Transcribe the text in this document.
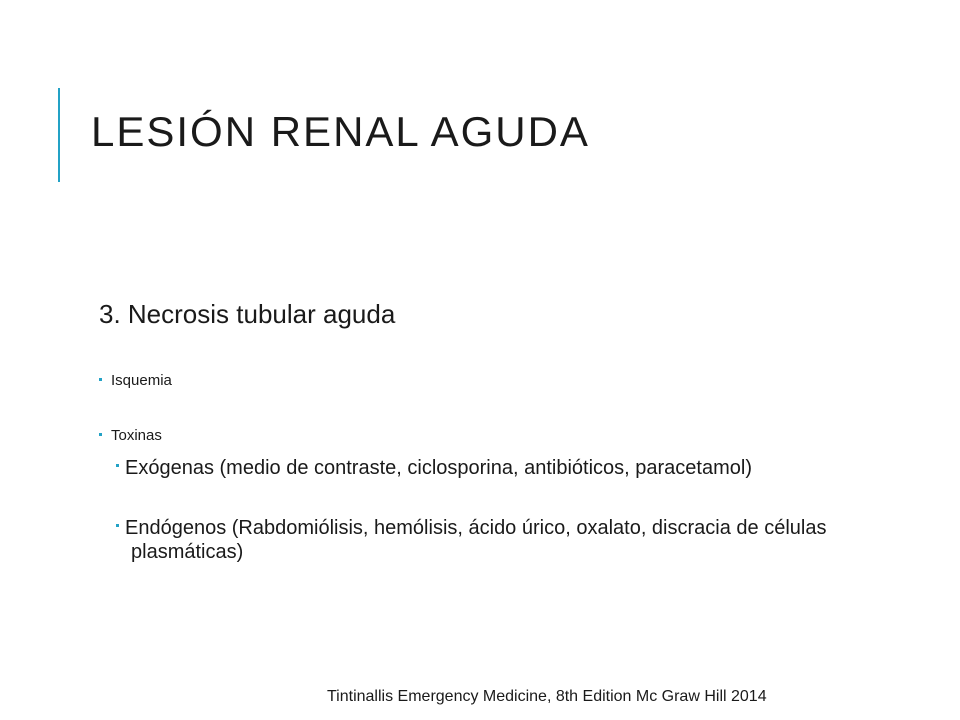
LESIÓN RENAL AGUDA
3. Necrosis tubular aguda
Isquemia
Toxinas
Exógenas (medio de contraste, ciclosporina, antibióticos, paracetamol)
Endógenos (Rabdomiólisis, hemólisis, ácido úrico, oxalato, discracia de células plasmáticas)
Tintinallis Emergency Medicine, 8th Edition Mc Graw Hill 2014
